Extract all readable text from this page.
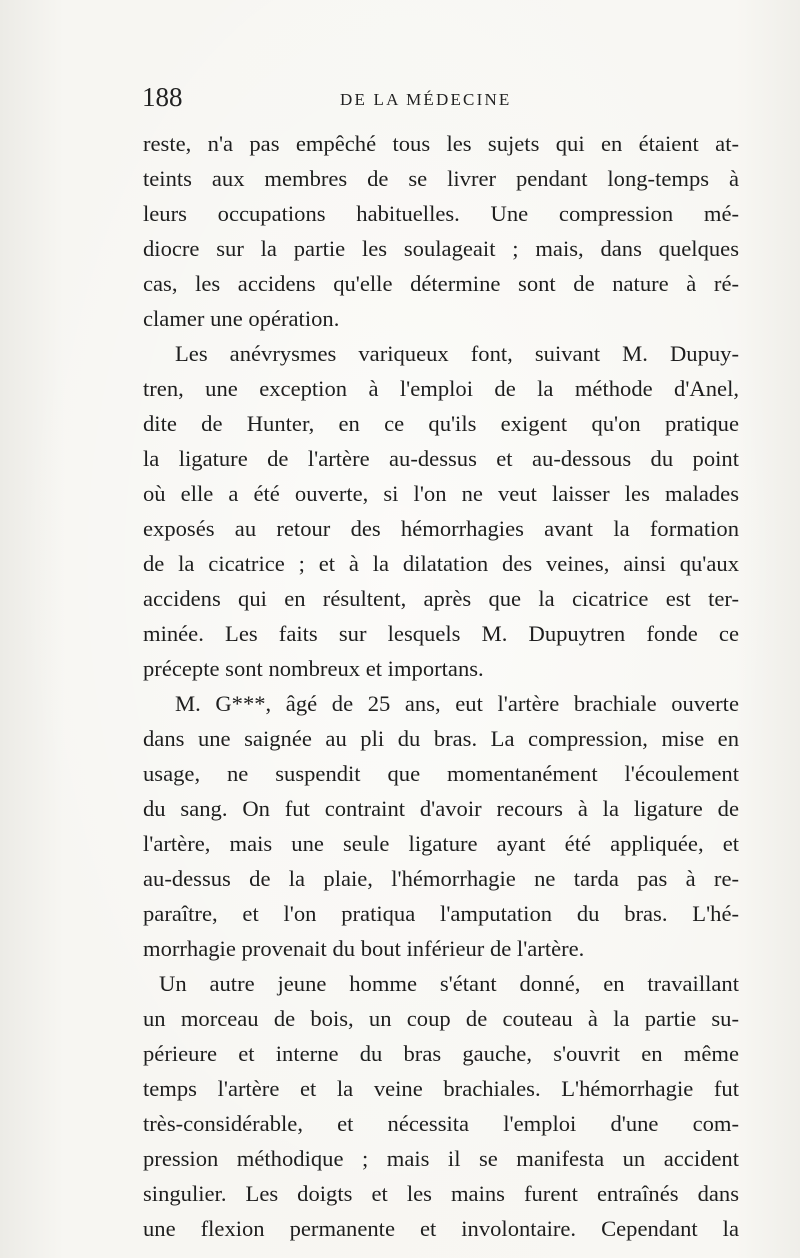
188	DE LA MÉDECINE
reste, n'a pas empêché tous les sujets qui en étaient at-
teints aux membres de se livrer pendant long-temps à
leurs occupations habituelles. Une compression mé-
diocre sur la partie les soulageait ; mais, dans quelques
cas, les accidens qu'elle détermine sont de nature à ré-
clamer une opération.
Les anévrysmes variqueux font, suivant M. Dupuy-
tren, une exception à l'emploi de la méthode d'Anel,
dite de Hunter, en ce qu'ils exigent qu'on pratique
la ligature de l'artère au-dessus et au-dessous du point
où elle a été ouverte, si l'on ne veut laisser les malades
exposés au retour des hémorrhagies avant la formation
de la cicatrice ; et à la dilatation des veines, ainsi qu'aux
accidens qui en résultent, après que la cicatrice est ter-
minée. Les faits sur lesquels M. Dupuytren fonde ce
précepte sont nombreux et importans.
M. G***, âgé de 25 ans, eut l'artère brachiale ouverte
dans une saignée au pli du bras. La compression, mise en
usage, ne suspendit que momentanément l'écoulement
du sang. On fut contraint d'avoir recours à la ligature de
l'artère, mais une seule ligature ayant été appliquée, et
au-dessus de la plaie, l'hémorrhagie ne tarda pas à re-
paraître, et l'on pratiqua l'amputation du bras. L'hé-
morrhagie provenait du bout inférieur de l'artère.
Un autre jeune homme s'étant donné, en travaillant
un morceau de bois, un coup de couteau à la partie su-
périeure et interne du bras gauche, s'ouvrit en même
temps l'artère et la veine brachiales. L'hémorrhagie fut
très-considérable, et nécessita l'emploi d'une com-
pression méthodique ; mais il se manifesta un accident
singulier. Les doigts et les mains furent entraînés dans
une flexion permanente et involontaire. Cependant la
